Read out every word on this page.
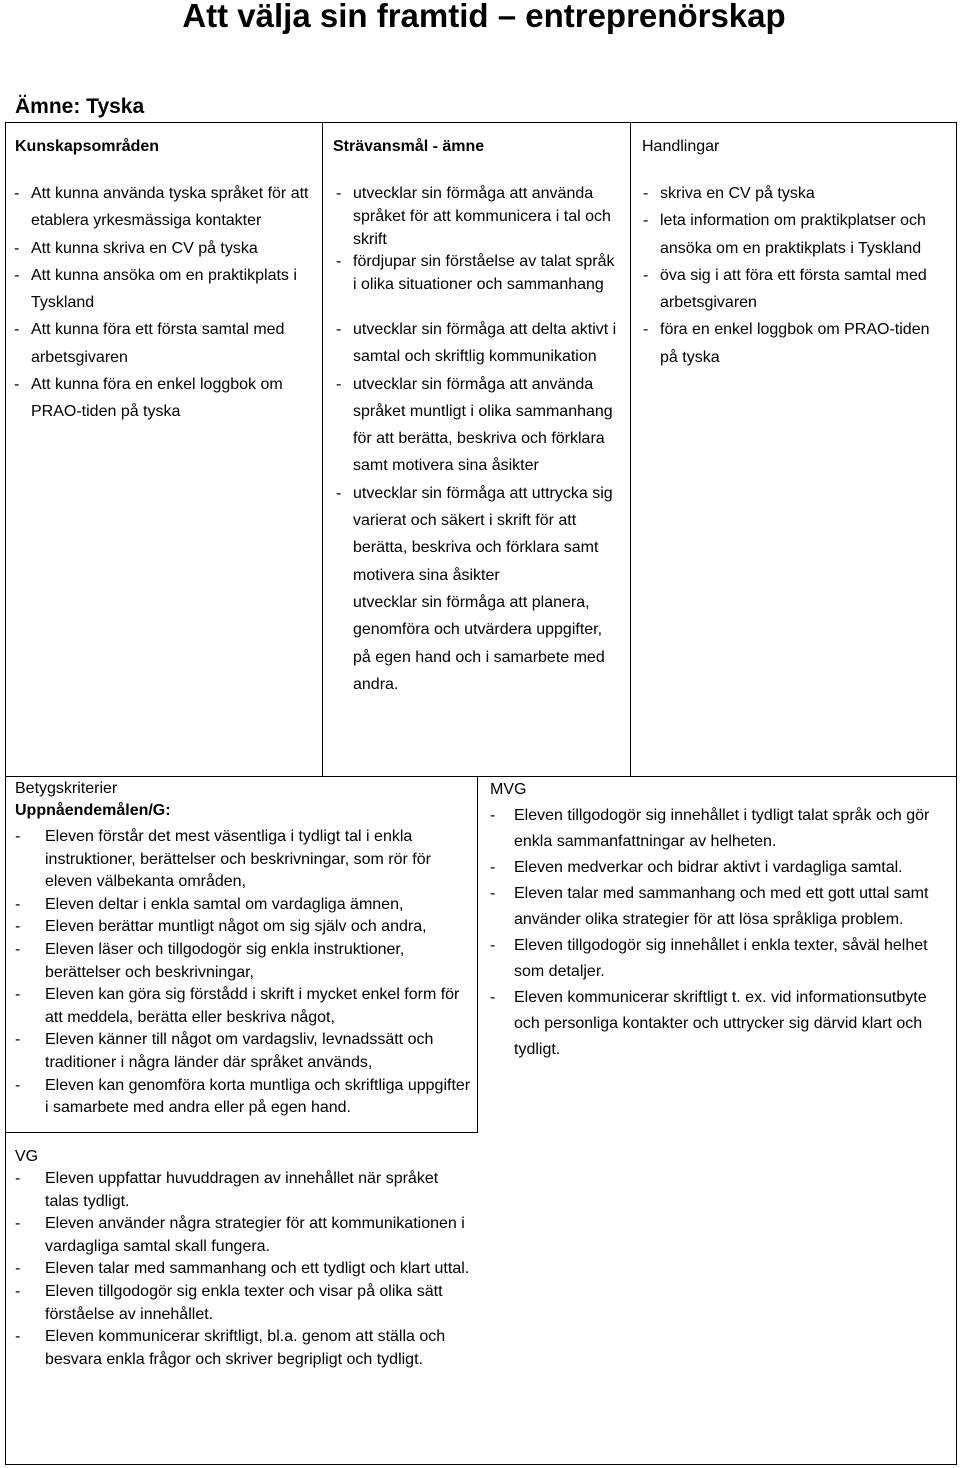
Att välja sin framtid – entreprenörskap
Ämne: Tyska
Kunskapsområden	Strävansmål - ämne	Handlingar
- Att kunna använda tyska språket för att etablera yrkesmässiga kontakter
- Att kunna skriva en CV på tyska
- Att kunna ansöka om en praktikplats i Tyskland
- Att kunna föra ett första samtal med arbetsgivaren
- Att kunna föra en enkel loggbok om PRAO-tiden på tyska
- utvecklar sin förmåga att använda språket för att kommunicera i tal och skrift
- fördjupar sin förståelse av talat språk i olika situationer och sammanhang
- utvecklar sin förmåga att delta aktivt i samtal och skriftlig kommunikation
- utvecklar sin förmåga att använda språket muntligt i olika sammanhang för att berätta, beskriva och förklara samt motivera sina åsikter
- utvecklar sin förmåga att uttrycka sig varierat och säkert i skrift för att berätta, beskriva och förklara samt motivera sina åsikter
utvecklar sin förmåga att planera, genomföra och utvärdera uppgifter, på egen hand och i samarbete med andra.
- skriva en CV på tyska
- leta information om praktikplatser och ansöka om en praktikplats i Tyskland
- öva sig i att föra ett första samtal med arbetsgivaren
- föra en enkel loggbok om PRAO-tiden på tyska
Betygskriterier
Uppnåendemålen/G:
- Eleven förstår det mest väsentliga i tydligt tal i enkla instruktioner, berättelser och beskrivningar, som rör för eleven välbekanta områden,
- Eleven deltar i enkla samtal om vardagliga ämnen,
- Eleven berättar muntligt något om sig själv och andra,
- Eleven läser och tillgodogör sig enkla instruktioner, berättelser och beskrivningar,
- Eleven kan göra sig förstådd i skrift i mycket enkel form för att meddela, berätta eller beskriva något,
- Eleven känner till något om vardagsliv, levnadssätt och traditioner i några länder där språket används,
- Eleven kan genomföra korta muntliga och skriftliga uppgifter i samarbete med andra eller på egen hand.
MVG
- Eleven tillgodogör sig innehållet i tydligt talat språk och gör enkla sammanfattningar av helheten.
- Eleven medverkar och bidrar aktivt i vardagliga samtal.
- Eleven talar med sammanhang och med ett gott uttal samt använder olika strategier för att lösa språkliga problem.
- Eleven tillgodogör sig innehållet i enkla texter, såväl helhet som detaljer.
- Eleven kommunicerar skriftligt t. ex. vid informationsutbyte och personliga kontakter och uttrycker sig därvid klart och tydligt.
VG
- Eleven uppfattar huvuddragen av innehållet när språket talas tydligt.
- Eleven använder några strategier för att kommunikationen i vardagliga samtal skall fungera.
- Eleven talar med sammanhang och ett tydligt och klart uttal.
- Eleven tillgodogör sig enkla texter och visar på olika sätt förståelse av innehållet.
- Eleven kommunicerar skriftligt, bl.a. genom att ställa och besvara enkla frågor och skriver begripligt och tydligt.
